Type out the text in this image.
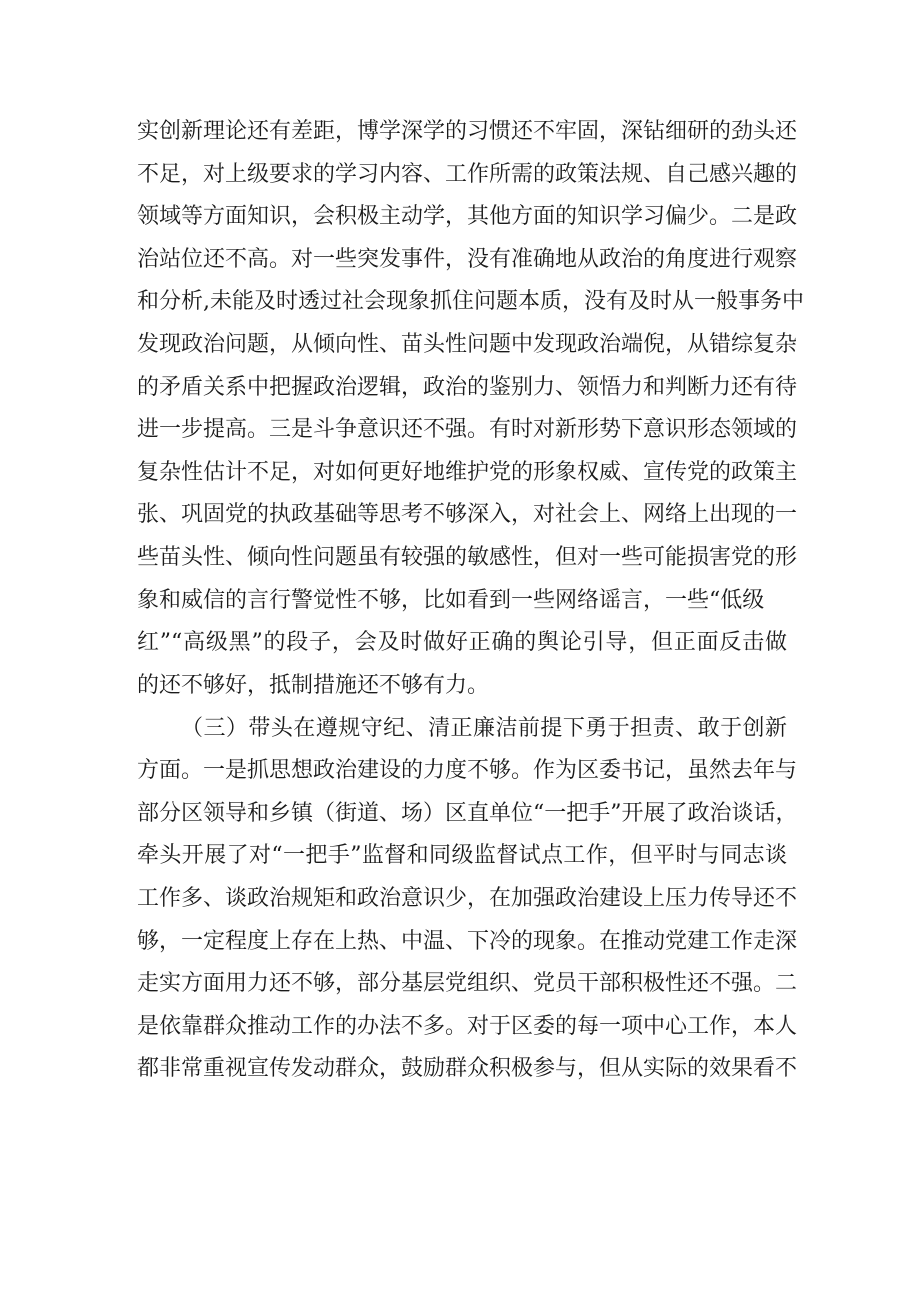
实创新理论还有差距，博学深学的习惯还不牢固，深钻细研的劲头还
不足，对上级要求的学习内容、工作所需的政策法规、自己感兴趣的
领域等方面知识，会积极主动学，其他方面的知识学习偏少。二是政
治站位还不高。对一些突发事件，没有准确地从政治的角度进行观察
和分析,未能及时透过社会现象抓住问题本质，没有及时从一般事务中
发现政治问题，从倾向性、苗头性问题中发现政治端倪，从错综复杂
的矛盾关系中把握政治逻辑，政治的鉴别力、领悟力和判断力还有待
进一步提高。三是斗争意识还不强。有时对新形势下意识形态领域的
复杂性估计不足，对如何更好地维护党的形象权威、宣传党的政策主
张、巩固党的执政基础等思考不够深入，对社会上、网络上出现的一
些苗头性、倾向性问题虽有较强的敏感性，但对一些可能损害党的形
象和威信的言行警觉性不够，比如看到一些网络谣言，一些“低级
红”“高级黑”的段子，会及时做好正确的舆论引导，但正面反击做
的还不够好，抵制措施还不够有力。
（三）带头在遵规守纪、清正廉洁前提下勇于担责、敢于创新
方面。一是抓思想政治建设的力度不够。作为区委书记，虽然去年与
部分区领导和乡镇（街道、场）区直单位“一把手”开展了政治谈话，
牵头开展了对“一把手”监督和同级监督试点工作，但平时与同志谈
工作多、谈政治规矩和政治意识少，在加强政治建设上压力传导还不
够，一定程度上存在上热、中温、下冷的现象。在推动党建工作走深
走实方面用力还不够，部分基层党组织、党员干部积极性还不强。二
是依靠群众推动工作的办法不多。对于区委的每一项中心工作，本人
都非常重视宣传发动群众，鼓励群众积极参与，但从实际的效果看不
